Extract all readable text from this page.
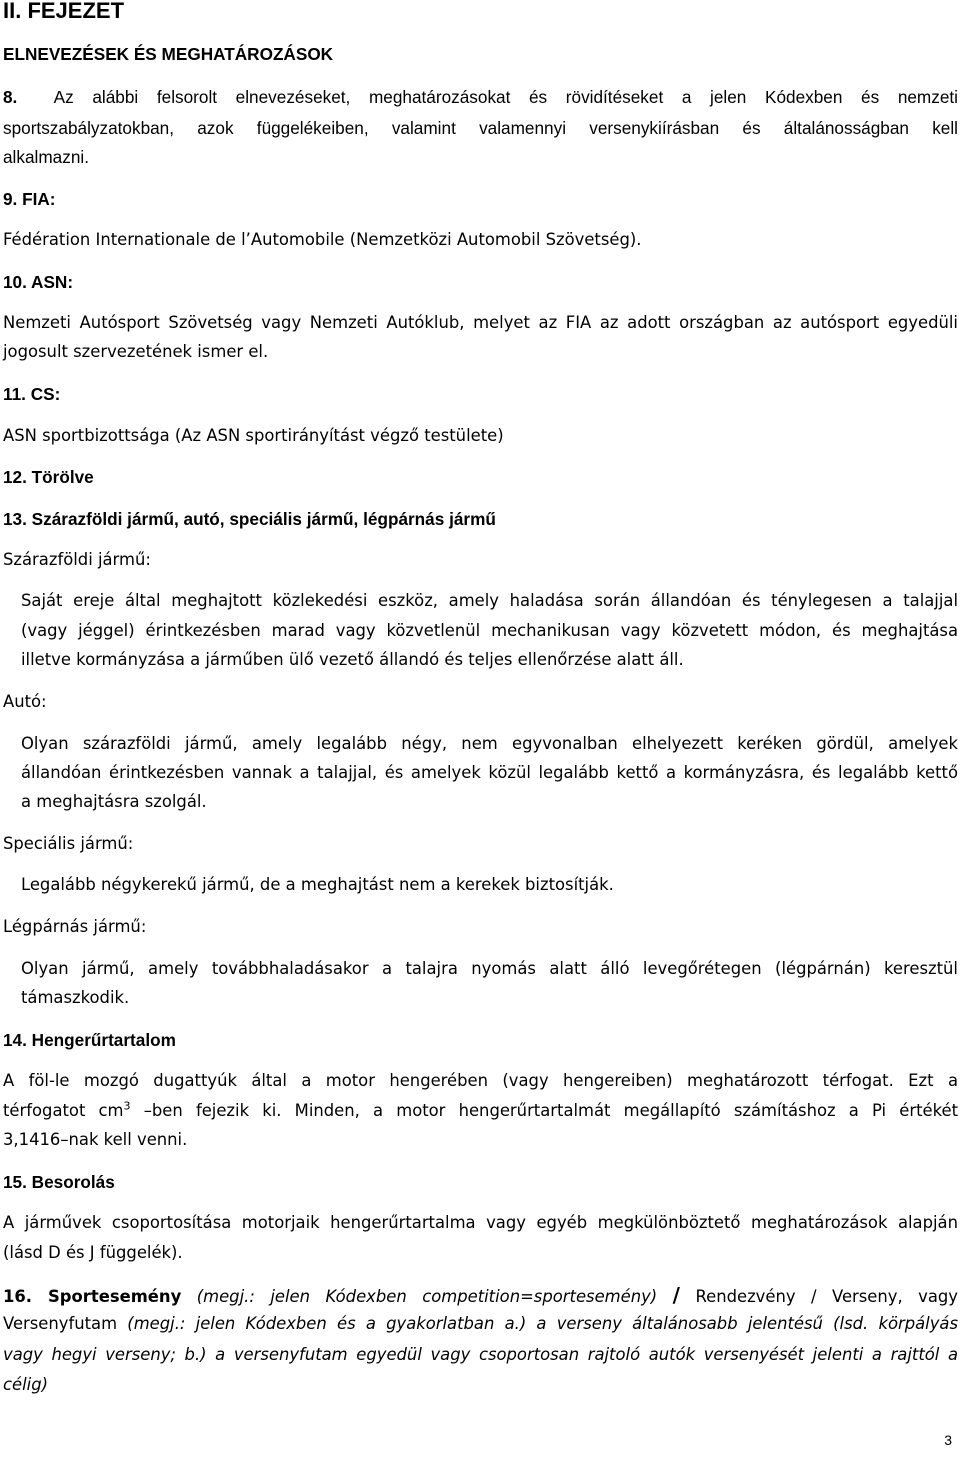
II. FEJEZET
ELNEVEZÉSEK ÉS MEGHATÁROZÁSOK
8. Az alábbi felsorolt elnevezéseket, meghatározásokat és rövidítéseket a jelen Kódexben és nemzeti
sportszabályzatokban, azok függelékeiben, valamint valamennyi versenykiírásban és általánosságban kell
alkalmazni.
9. FIA:
Fédération Internationale de l’Automobile (Nemzetközi Automobil Szövetség).
10. ASN:
Nemzeti Autósport Szövetség vagy Nemzeti Autóklub, melyet az FIA az adott országban az autósport egyedüli
jogosult szervezetének ismer el.
11. CS:
ASN sportbizottsága (Az ASN sportirányítást végző testülete)
12. Törölve
13. Szárazföldi jármű, autó, speciális jármű, légpárnás jármű
Szárazföldi jármű:
Saját ereje által meghajtott közlekedési eszköz, amely haladása során állandóan és ténylegesen a talajjal
(vagy jéggel) érintkezésben marad vagy közvetlenül mechanikusan vagy közvetett módon, és meghajtása
illetve kormányzása a járműben ülő vezető állandó és teljes ellenőrzése alatt áll.
Autó:
Olyan szárazföldi jármű, amely legalább négy, nem egyvonalban elhelyezett keréken gördül, amelyek
állandóan érintkezésben vannak a talajjal, és amelyek közül legalább kettő a kormányzásra, és legalább kettő
a meghajtásra szolgál.
Speciális jármű:
Legalább négykerekű jármű, de a meghajtást nem a kerekek biztosítják.
Légpárnás jármű:
Olyan jármű, amely továbbhaladásakor a talajra nyomás alatt álló levegőrétegen (légpárnán) keresztül
támaszkodik.
14. Hengerűrtartalom
A föl-le mozgó dugattyúk által a motor hengerében (vagy hengereiben) meghatározott térfogat. Ezt a
térfogatot $cm^3$ –ben fejezik ki. Minden, a motor hengerűrtartalmát megállapító számításhoz a Pi értékét
3,1416–nak kell venni.
15. Besorolás
A járművek csoportosítása motorjaik hengerűrtartalma vagy egyéb megkülönböztető meghatározások alapján
(lásd D és J függelék).
16. Sportesemény (megj.: jelen Kódexben competition=sportesemény) / Rendezvény / Verseny, vagy
Versenyfutam (megj.: jelen Kódexben és a gyakorlatban a.) a verseny általánosabb jelentésű (lsd. körpályás
vagy hegyi verseny; b.) a versenyfutam egyedül vagy csoportosan rajtoló autók versenyését jelenti a rajttól a
célig)
3
